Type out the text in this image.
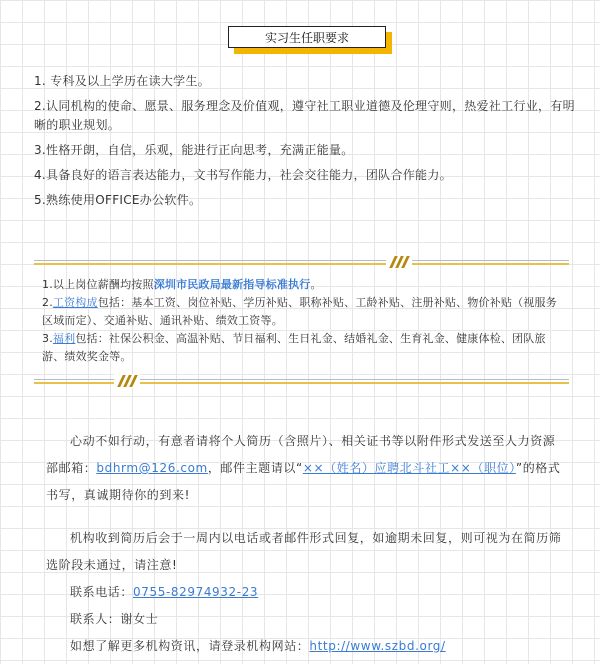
实习生任职要求

1. 专科及以上学历在读大学生。

2.认同机构的使命、愿景、服务理念及价值观，遵守社工职业道德及伦理守则，热爱社工行业，有明晰的职业规划。

3.性格开朗，自信，乐观，能进行正向思考，充满正能量。

4.具备良好的语言表达能力，文书写作能力，社会交往能力，团队合作能力。

5.熟练使用OFFICE办公软件。

1.以上岗位薪酬均按照深圳市民政局最新指导标准执行。

2.工资构成包括：基本工资、岗位补贴、学历补贴、职称补贴、工龄补贴、注册补贴、物价补贴（视服务区域而定）、交通补贴、通讯补贴、绩效工资等。

3.福利包括：社保公积金、高温补贴、节日福利、生日礼金、结婚礼金、生育礼金、健康体检、团队旅游、绩效奖金等。

心动不如行动，有意者请将个人简历（含照片）、相关证书等以附件形式发送至人力资源部邮箱：bdhrm@126.com，邮件主题请以“××（姓名）应聘北斗社工××（职位）”的格式书写，真诚期待你的到来!

机构收到简历后会于一周内以电话或者邮件形式回复，如逾期未回复，则可视为在简历筛选阶段未通过，请注意!

联系电话：0755-82974932-23

联系人：谢女士

如想了解更多机构资讯，请登录机构网站：http://www.szbd.org/
